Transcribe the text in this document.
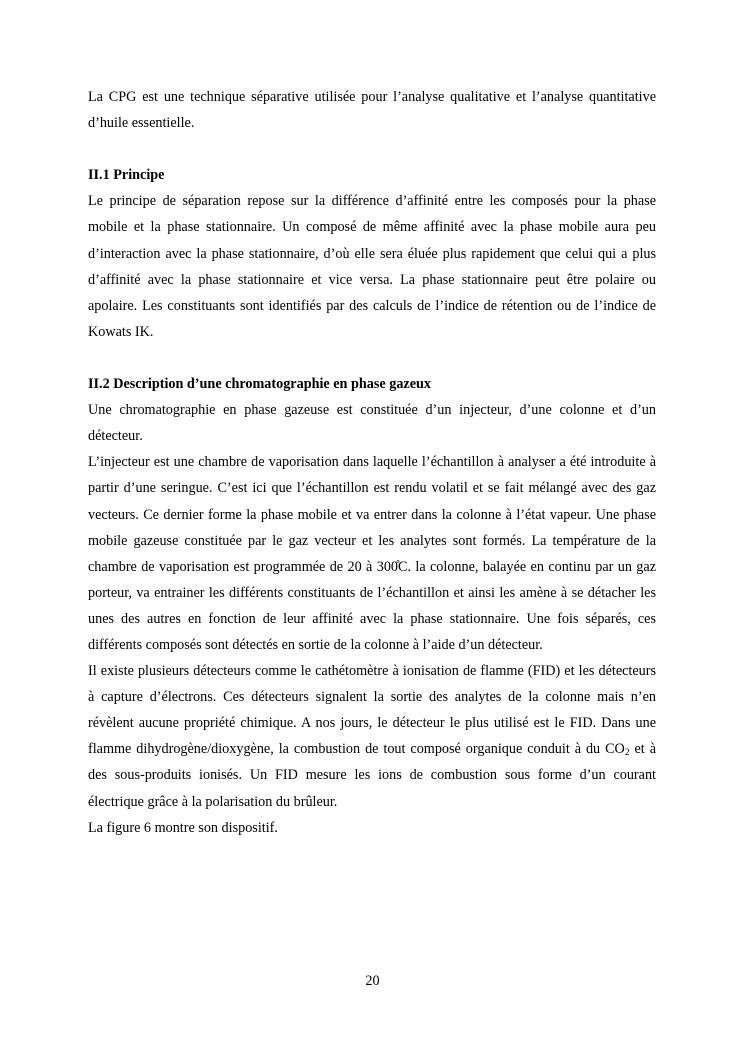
La CPG est une technique séparative utilisée pour l’analyse qualitative et l’analyse quantitative d’huile essentielle.

II.1 Principe

Le principe de séparation repose sur la différence d’affinité entre les composés pour la phase mobile et la phase stationnaire. Un composé de même affinité avec la phase mobile aura peu d’interaction avec la phase stationnaire, d’où elle sera éluée plus rapidement que celui qui a plus d’affinité avec la phase stationnaire et vice versa. La phase stationnaire peut être polaire ou apolaire. Les constituants sont identifiés par des calculs de l’indice de rétention ou de l’indice de Kowats IK.

II.2 Description d’une chromatographie en phase gazeux

Une chromatographie en phase gazeuse est constituée d’un injecteur, d’une colonne et d’un détecteur.

L’injecteur est une chambre de vaporisation dans laquelle l’échantillon à analyser a été introduite à partir d’une seringue. C’est ici que l’échantillon est rendu volatil et se fait mélangé avec des gaz vecteurs. Ce dernier forme la phase mobile et va entrer dans la colonne à l’état vapeur. Une phase mobile gazeuse constituée par le gaz vecteur et les analytes sont formés. La température de la chambre de vaporisation est programmée de 20 à 300̊C. la colonne, balayée en continu par un gaz porteur, va entrainer les différents constituants de l’échantillon et ainsi les amène à se détacher les unes des autres en fonction de leur affinité avec la phase stationnaire. Une fois séparés, ces différents composés sont détectés en sortie de la colonne à l’aide d’un détecteur.

Il existe plusieurs détecteurs comme le cathétomètre à ionisation de flamme (FID) et les détecteurs à capture d’électrons. Ces détecteurs signalent la sortie des analytes de la colonne mais n’en révèlent aucune propriété chimique. A nos jours, le détecteur le plus utilisé est le FID. Dans une flamme dihydrogène/dioxygène, la combustion de tout composé organique conduit à du $CO_2$ et à des sous-produits ionisés. Un FID mesure les ions de combustion sous forme d’un courant électrique grâce à la polarisation du brûleur.

La figure 6 montre son dispositif.

20
